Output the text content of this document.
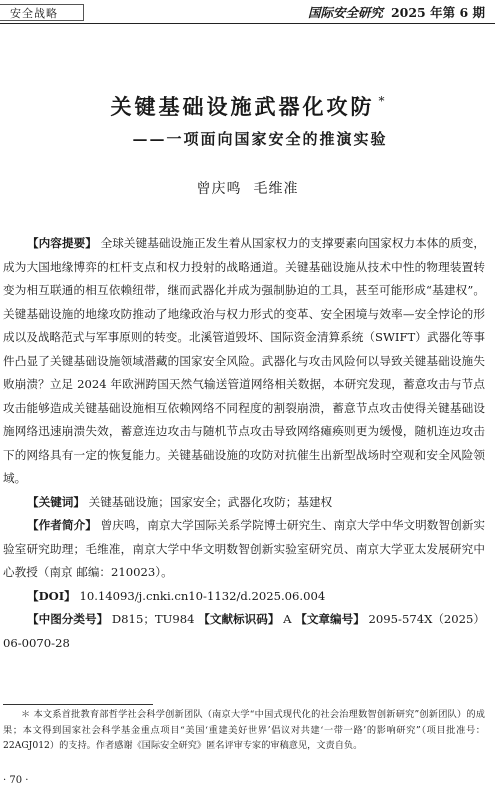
安全战略	国际安全研究 2025 年第 6 期
关键基础设施武器化攻防 *
——一项面向国家安全的推演实验
曾庆鸣 毛维准

【内容提要】 全球关键基础设施正发生着从国家权力的支撑要素向国家权力本体的质变，成为大国地缘博弈的杠杆支点和权力投射的战略通道。关键基础设施从技术中性的物理装置转变为相互联通的相互依赖纽带，继而武器化并成为强制胁迫的工具，甚至可能形成“基建权”。关键基础设施的地缘攻防推动了地缘政治与权力形式的变革、安全困境与效率—安全悖论的形成以及战略范式与军事原则的转变。北溪管道毁坏、国际资金清算系统（SWIFT）武器化等事件凸显了关键基础设施领域潜藏的国家安全风险。武器化与攻击风险何以导致关键基础设施失败崩溃？立足 2024 年欧洲跨国天然气输送管道网络相关数据，本研究发现，蓄意攻击与节点攻击能够造成关键基础设施相互依赖网络不同程度的割裂崩溃，蓄意节点攻击使得关键基础设施网络迅速崩溃失效，蓄意连边攻击与随机节点攻击导致网络瘫痪则更为缓慢，随机连边攻击下的网络具有一定的恢复能力。关键基础设施的攻防对抗催生出新型战场时空观和安全风险领域。

【关键词】 关键基础设施；国家安全；武器化攻防；基建权

【作者简介】 曾庆鸣，南京大学国际关系学院博士研究生、南京大学中华文明数智创新实验室研究助理；毛维准，南京大学中华文明数智创新实验室研究员、南京大学亚太发展研究中心教授（南京 邮编：210023）。

【DOI】 10.14093/j.cnki.cn10-1132/d.2025.06.004

【中图分类号】 D815；TU984 【文献标识码】 A 【文章编号】 2095-574X（2025）06-0070-28

＊ 本文系首批教育部哲学社会科学创新团队（南京大学“中国式现代化的社会治理数智创新研究”创新团队）的成果；本文得到国家社会科学基金重点项目“美国‘重建美好世界’倡议对共建‘一带一路’的影响研究”（项目批准号：22AGJ012）的支持。作者感谢《国际安全研究》匿名评审专家的审稿意见，文责自负。

· 70 ·
